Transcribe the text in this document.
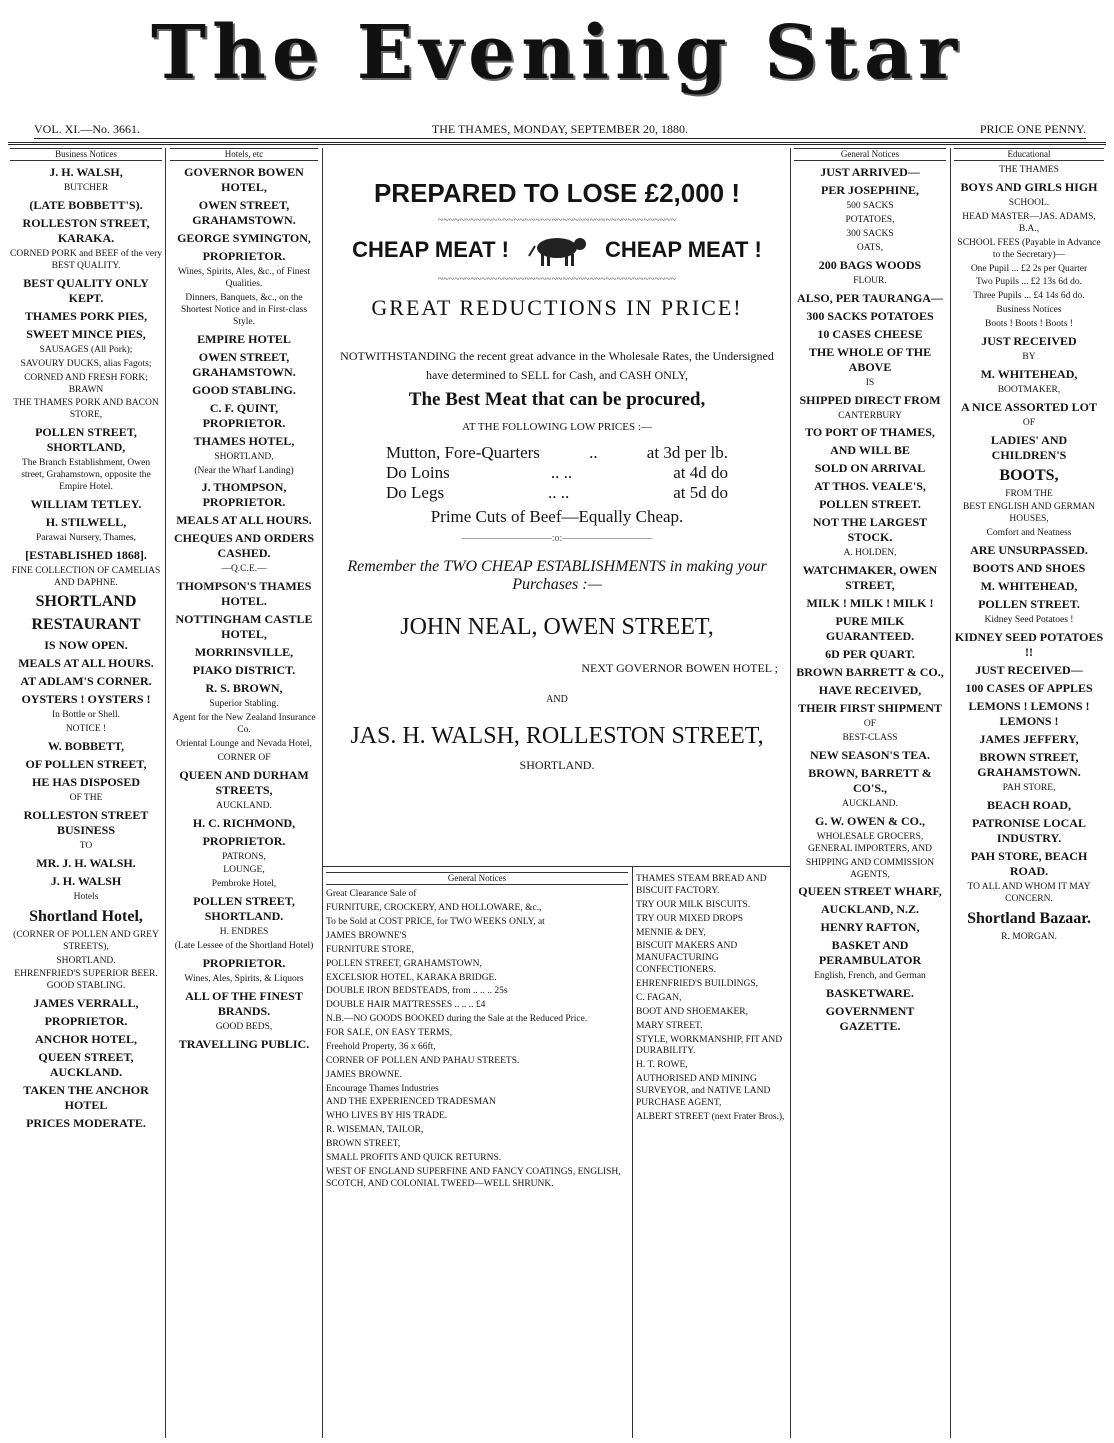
The Evening Star
VOL. XI.—No. 3661.	THE THAMES, MONDAY, SEPTEMBER 20, 1880.	PRICE ONE PENNY.
Business Notices

J. H. WALSH,

BUTCHER

(LATE BOBBETT'S).

ROLLESTON STREET, KARAKA.

CORNED PORK and BEEF of the very BEST QUALITY.

BEST QUALITY ONLY KEPT.

THAMES PORK PIES,

SWEET MINCE PIES,

SAUSAGES (All Pork);

SAVOURY DUCKS, alias Fagots;

CORNED AND FRESH FORK; BRAWN

THE THAMES PORK AND BACON STORE,

POLLEN STREET, SHORTLAND,

The Branch Establishment, Owen street, Grahamstown, opposite the Empire Hotel.

WILLIAM TETLEY.

H. STILWELL,

Parawai Nursery, Thames,

[ESTABLISHED 1868].

FINE COLLECTION OF CAMELIAS AND DAPHNE.

SHORTLAND

RESTAURANT

IS NOW OPEN.

MEALS AT ALL HOURS.

AT ADLAM'S CORNER.

OYSTERS ! OYSTERS !

In Bottle or Shell.

NOTICE !

W. BOBBETT,

OF POLLEN STREET,

HE HAS DISPOSED

OF THE

ROLLESTON STREET BUSINESS

TO

MR. J. H. WALSH.

J. H. WALSH

Hotels

Shortland Hotel,

(CORNER OF POLLEN AND GREY STREETS),

SHORTLAND.

EHRENFRIED'S SUPERIOR BEER. GOOD STABLING.

JAMES VERRALL,

PROPRIETOR.

ANCHOR HOTEL,

QUEEN STREET, AUCKLAND.

TAKEN THE ANCHOR HOTEL

PRICES MODERATE.

Hotels, etc

GOVERNOR BOWEN HOTEL,

OWEN STREET, GRAHAMSTOWN.

GEORGE SYMINGTON,

PROPRIETOR.

Wines, Spirits, Ales, &c., of Finest Qualities.

Dinners, Banquets, &c., on the Shortest Notice and in First-class Style.

EMPIRE HOTEL

OWEN STREET, GRAHAMSTOWN.

GOOD STABLING.

C. F. QUINT, PROPRIETOR.

THAMES HOTEL,

SHORTLAND,

(Near the Wharf Landing)

J. THOMPSON, PROPRIETOR.

MEALS AT ALL HOURS.

CHEQUES AND ORDERS CASHED.

—Q.C.E.—

THOMPSON'S THAMES HOTEL.

NOTTINGHAM CASTLE HOTEL,

MORRINSVILLE,

PIAKO DISTRICT.

R. S. BROWN,

Superior Stabling.

Agent for the New Zealand Insurance Co.

Oriental Lounge and Nevada Hotel,

CORNER OF

QUEEN AND DURHAM STREETS,

AUCKLAND.

H. C. RICHMOND,

PROPRIETOR.

PATRONS,

LOUNGE,

Pembroke Hotel,

POLLEN STREET, SHORTLAND.

H. ENDRES

(Late Lessee of the Shortland Hotel)

PROPRIETOR.

Wines, Ales, Spirits, & Liquors

ALL OF THE FINEST BRANDS.

GOOD BEDS,

TRAVELLING PUBLIC.

PREPARED TO LOSE £2,000 !

~~~~~~~~~~~~~~~~~~~~~~~~~~~~~~~~~~~~~~~~~~~~
CHEAP MEAT !	CHEAP MEAT !
~~~~~~~~~~~~~~~~~~~~~~~~~~~~~~~~~~~~~~~~~~~~

GREAT REDUCTIONS IN PRICE!

NOTWITHSTANDING the recent great advance in the Wholesale Rates, the Undersigned have determined to SELL for Cash, and CASH ONLY,

The Best Meat that can be procured,

AT THE FOLLOWING LOW PRICES :—

Mutton, Fore-Quarters	..	at 3d per lb.
Do Loins	.. ..	at 4d do
Do Legs	.. ..	at 5d do

Prime Cuts of Beef—Equally Cheap.

—————————:o:—————————

Remember the TWO CHEAP ESTABLISHMENTS in making your Purchases :—

JOHN NEAL, OWEN STREET,

NEXT GOVERNOR BOWEN HOTEL ;

AND

JAS. H. WALSH, ROLLESTON STREET,

SHORTLAND.

General Notices

Great Clearance Sale of

FURNITURE, CROCKERY, AND HOLLOWARE, &c.,

To be Sold at COST PRICE, for TWO WEEKS ONLY, at

JAMES BROWNE'S

FURNITURE STORE,

POLLEN STREET, GRAHAMSTOWN,

EXCELSIOR HOTEL, KARAKA BRIDGE.

DOUBLE IRON BEDSTEADS, from .. .. .. 25s

DOUBLE HAIR MATTRESSES .. .. .. £4

N.B.—NO GOODS BOOKED during the Sale at the Reduced Price.

FOR SALE, ON EASY TERMS,

Freehold Property, 36 x 66ft,

CORNER OF POLLEN AND PAHAU STREETS.

JAMES BROWNE.

Encourage Thames Industries

AND THE EXPERIENCED TRADESMAN

WHO LIVES BY HIS TRADE.

R. WISEMAN, TAILOR,

BROWN STREET,

SMALL PROFITS AND QUICK RETURNS.

WEST OF ENGLAND SUPERFINE AND FANCY COATINGS, ENGLISH, SCOTCH, AND COLONIAL TWEED—WELL SHRUNK.

THAMES STEAM BREAD AND BISCUIT FACTORY.

TRY OUR MILK BISCUITS.

TRY OUR MIXED DROPS

MENNIE & DEY,

BISCUIT MAKERS AND MANUFACTURING CONFECTIONERS.

EHRENFRIED'S BUILDINGS,

C. FAGAN,

BOOT AND SHOEMAKER,

MARY STREET.

STYLE, WORKMANSHIP, FIT AND DURABILITY.

H. T. ROWE,

AUTHORISED AND MINING SURVEYOR, and NATIVE LAND PURCHASE AGENT,

ALBERT STREET (next Frater Bros.),

General Notices

JUST ARRIVED—

PER JOSEPHINE,

500 SACKS

POTATOES,

300 SACKS

OATS,

200 BAGS WOODS

FLOUR.

ALSO, PER TAURANGA—

300 SACKS POTATOES

10 CASES CHEESE

THE WHOLE OF THE ABOVE

IS

SHIPPED DIRECT FROM

CANTERBURY

TO PORT OF THAMES,

AND WILL BE

SOLD ON ARRIVAL

AT THOS. VEALE'S,

POLLEN STREET.

NOT THE LARGEST STOCK.

A. HOLDEN,

WATCHMAKER, OWEN STREET,

MILK ! MILK ! MILK !

PURE MILK GUARANTEED.

6D PER QUART.

BROWN BARRETT & CO.,

HAVE RECEIVED,

THEIR FIRST SHIPMENT

OF

BEST-CLASS

NEW SEASON'S TEA.

BROWN, BARRETT & CO'S.,

AUCKLAND.

G. W. OWEN & CO.,

WHOLESALE GROCERS, GENERAL IMPORTERS, AND

SHIPPING AND COMMISSION AGENTS,

QUEEN STREET WHARF,

AUCKLAND, N.Z.

HENRY RAFTON,

BASKET AND PERAMBULATOR

English, French, and German

BASKETWARE.

GOVERNMENT GAZETTE.

Educational

THE THAMES

BOYS AND GIRLS HIGH

SCHOOL.

HEAD MASTER—JAS. ADAMS, B.A.,

SCHOOL FEES (Payable in Advance to the Secretary)—

One Pupil ... £2 2s per Quarter

Two Pupils ... £2 13s 6d do.

Three Pupils ... £4 14s 6d do.

Business Notices

Boots ! Boots ! Boots !

JUST RECEIVED

BY

M. WHITEHEAD,

BOOTMAKER,

A NICE ASSORTED LOT

OF

LADIES' AND CHILDREN'S

BOOTS,

FROM THE

BEST ENGLISH AND GERMAN HOUSES,

Comfort and Neatness

ARE UNSURPASSED.

BOOTS AND SHOES

M. WHITEHEAD,

POLLEN STREET.

Kidney Seed Potatoes !

KIDNEY SEED POTATOES !!

JUST RECEIVED—

100 CASES OF APPLES

LEMONS ! LEMONS ! LEMONS !

JAMES JEFFERY,

BROWN STREET, GRAHAMSTOWN.

PAH STORE,

BEACH ROAD,

PATRONISE LOCAL INDUSTRY.

PAH STORE, BEACH ROAD.

TO ALL AND WHOM IT MAY CONCERN.

Shortland Bazaar.

R. MORGAN.
